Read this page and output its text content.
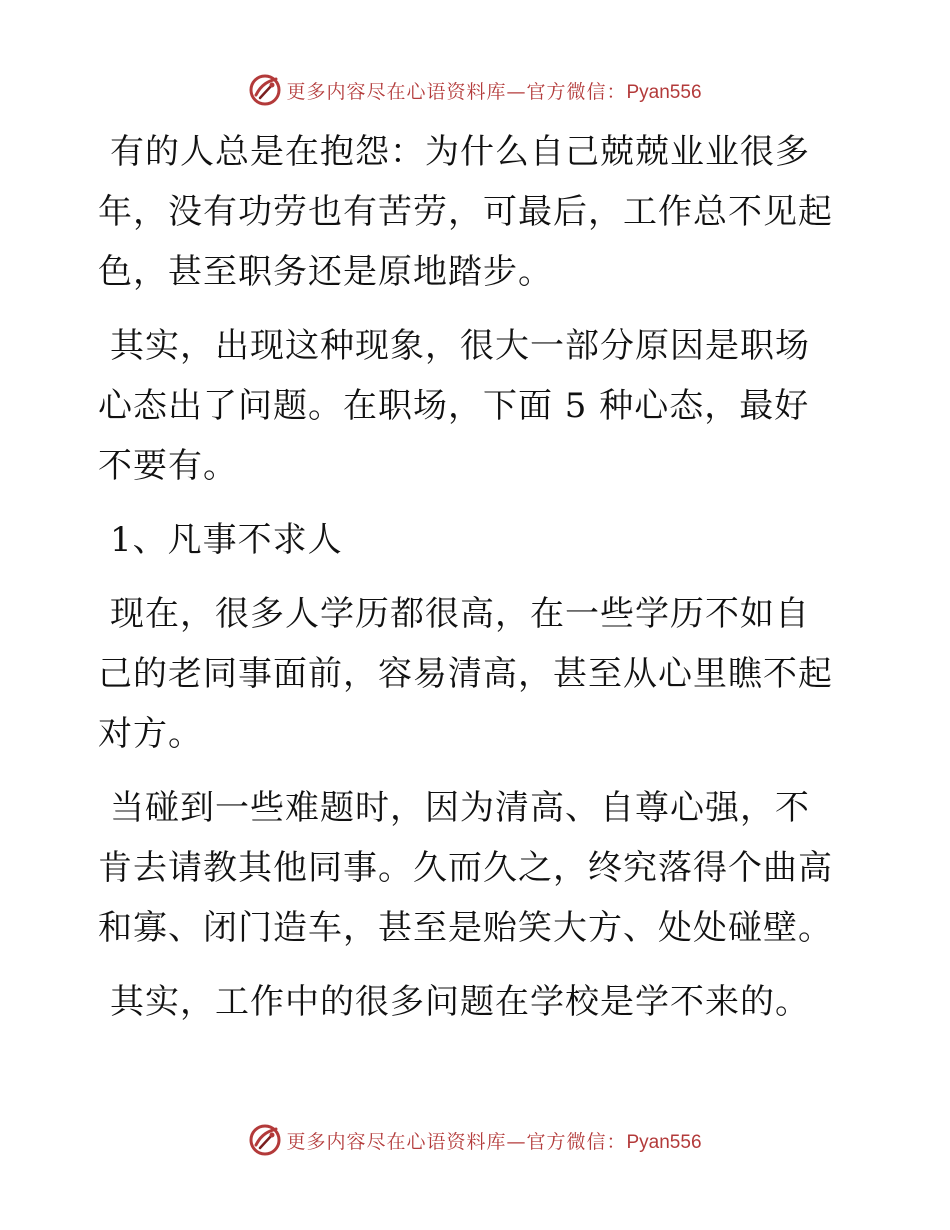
更多内容尽在心语资料库—官方微信：Pyan556

有的人总是在抱怨：为什么自己兢兢业业很多年，没有功劳也有苦劳，可最后，工作总不见起色，甚至职务还是原地踏步。

其实，出现这种现象，很大一部分原因是职场心态出了问题。在职场，下面 5 种心态，最好不要有。

1、凡事不求人

现在，很多人学历都很高，在一些学历不如自己的老同事面前，容易清高，甚至从心里瞧不起对方。

当碰到一些难题时，因为清高、自尊心强，不肯去请教其他同事。久而久之，终究落得个曲高和寡、闭门造车，甚至是贻笑大方、处处碰壁。

其实，工作中的很多问题在学校是学不来的。

更多内容尽在心语资料库—官方微信：Pyan556
